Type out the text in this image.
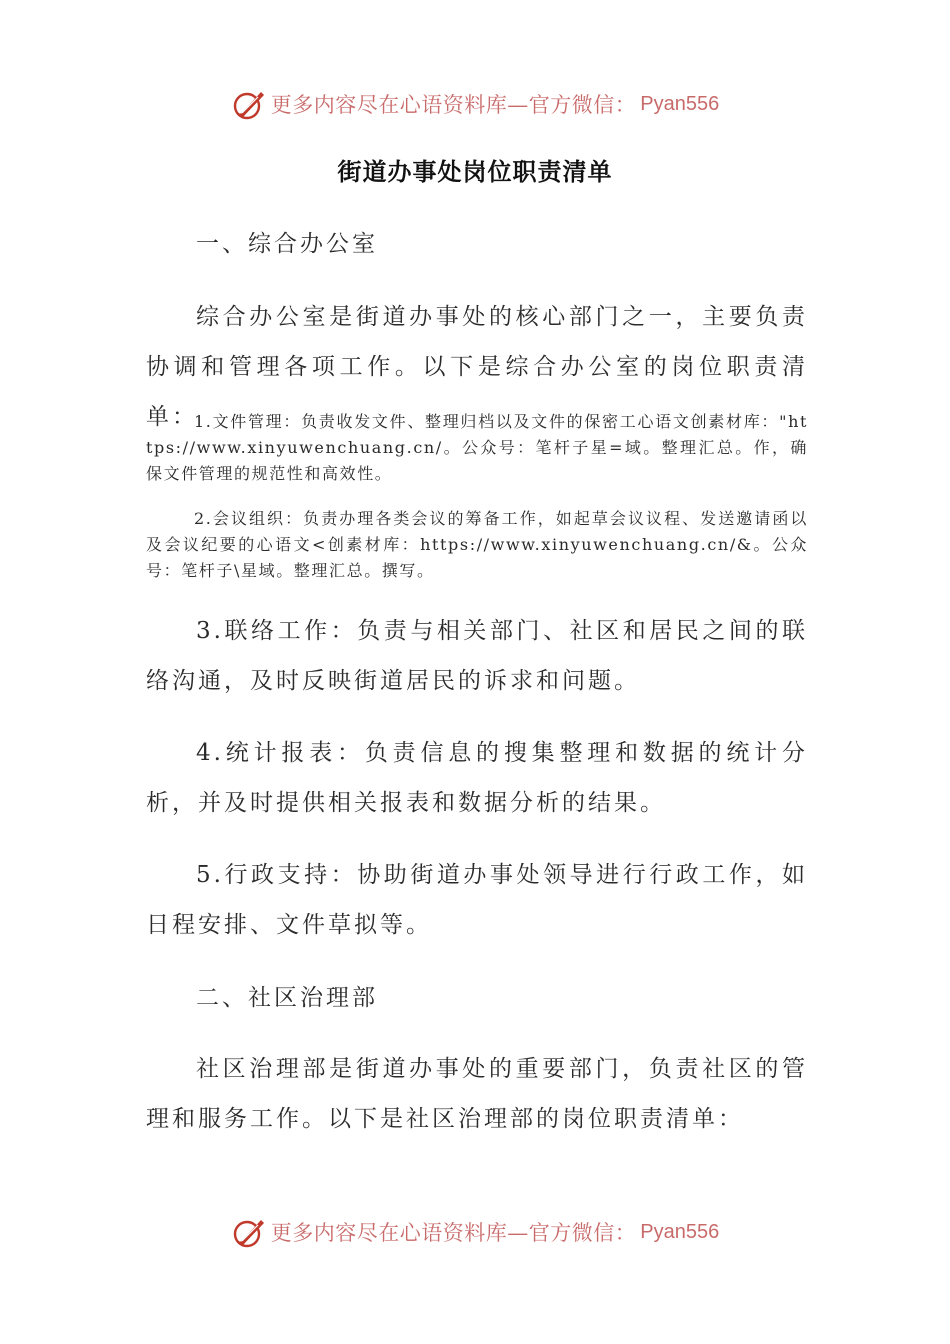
更多内容尽在心语资料库—官方微信： Pyan556
街道办事处岗位职责清单
一、综合办公室
综合办公室是街道办事处的核心部门之一，主要负责协调和管理各项工作。以下是综合办公室的岗位职责清单：
1.文件管理：负责收发文件、整理归档以及文件的保密工心语文创素材库："https://www.xinyuwenchuang.cn/。公众号：笔杆子星=域。整理汇总。作，确保文件管理的规范性和高效性。
2.会议组织：负责办理各类会议的筹备工作，如起草会议议程、发送邀请函以及会议纪要的心语文<创素材库：https://www.xinyuwenchuang.cn/&。公众号：笔杆子\星域。整理汇总。撰写。
3.联络工作：负责与相关部门、社区和居民之间的联络沟通，及时反映街道居民的诉求和问题。
4.统计报表：负责信息的搜集整理和数据的统计分析，并及时提供相关报表和数据分析的结果。
5.行政支持：协助街道办事处领导进行行政工作，如日程安排、文件草拟等。
二、社区治理部
社区治理部是街道办事处的重要部门，负责社区的管理和服务工作。以下是社区治理部的岗位职责清单：
更多内容尽在心语资料库—官方微信： Pyan556
